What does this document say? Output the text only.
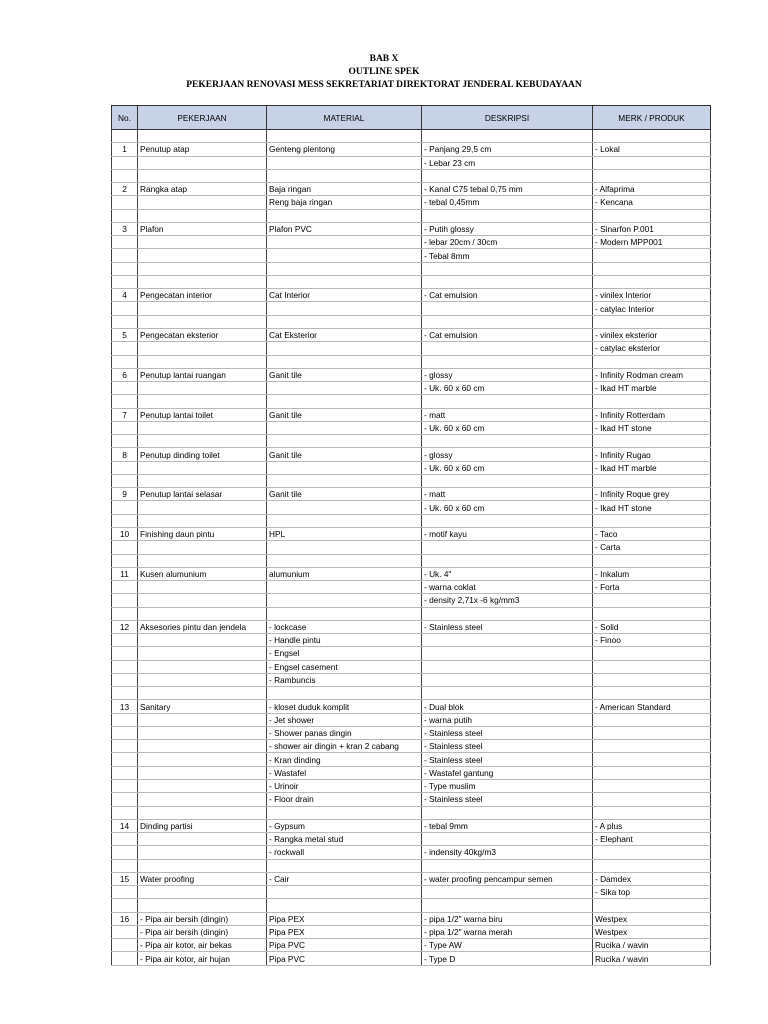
BAB X
OUTLINE SPEK
PEKERJAAN RENOVASI MESS SEKRETARIAT DIREKTORAT JENDERAL KEBUDAYAAN
No.	PEKERJAAN	MATERIAL	DESKRIPSI	MERK / PRODUK

1	Penutup atap	Genteng plentong	- Panjang 29,5 cm	- Lokal
			- Lebar 23 cm	

2	Rangka atap	Baja ringan	- Kanal C75 tebal 0,75 mm	- Alfaprima
		Reng baja ringan	- tebal 0,45mm	- Kencana

3	Plafon	Plafon PVC	- Putih glossy	- Sinarfon P.001
			- lebar 20cm / 30cm	- Modern MPP001
			- Tebal 8mm	

4	Pengecatan interior	Cat Interior	- Cat emulsion	- vinilex Interior
				- catylac Interior

5	Pengecatan eksterior	Cat Eksterior	- Cat emulsion	- vinilex eksterior
				- catylac eksterior

6	Penutup lantai ruangan	Ganit tile	- glossy	- Infinity Rodman cream
			- Uk. 60 x 60 cm	- Ikad HT marble

7	Penutup lantai toilet	Ganit tile	- matt	- Infinity Rotterdam
			- Uk. 60 x 60 cm	- Ikad HT stone

8	Penutup dinding toilet	Ganit tile	- glossy	- Infinity Rugao
			- Uk. 60 x 60 cm	- Ikad HT marble

9	Penutup lantai selasar	Ganit tile	- matt	- Infinity Roque grey
			- Uk. 60 x 60 cm	- Ikad HT stone

10	Finishing daun pintu	HPL	- motif kayu	- Taco
				- Carta

11	Kusen alumunium	alumunium	- Uk. 4"	- Inkalum
			- warna coklat	- Forta
			- density 2,71x -6 kg/mm3	

12	Aksesories pintu dan jendela	- lockcase	- Stainless steel	- Solid
		- Handle pintu		- Finoo
		- Engsel		
		- Engsel casement		
		- Rambuncis		

13	Sanitary	- kloset duduk komplit	- Dual blok	- American Standard
		- Jet shower	- warna putih	
		- Shower panas dingin	- Stainless steel	
		- shower air dingin + kran 2 cabang	- Stainless steel	
		- Kran dinding	- Stainless steel	
		- Wastafel	- Wastafel gantung	
		- Urinoir	- Type muslim	
		- Floor drain	- Stainless steel	

14	Dinding partisi	- Gypsum	- tebal 9mm	- A plus
		- Rangka metal stud		- Elephant
		- rockwall	- indensity 40kg/m3	

15	Water proofing	- Cair	- water proofing pencampur semen	- Damdex
				- Sika top

16	- Pipa air bersih (dingin)	Pipa PEX	- pipa 1/2" warna biru	Westpex
	- Pipa air bersih (dingin)	Pipa PEX	- pipa 1/2" warna merah	Westpex
	- Pipa air kotor, air bekas	Pipa PVC	- Type AW	Rucika / wavin
	- Pipa air kotor, air hujan	Pipa PVC	- Type D	Rucika / wavin
